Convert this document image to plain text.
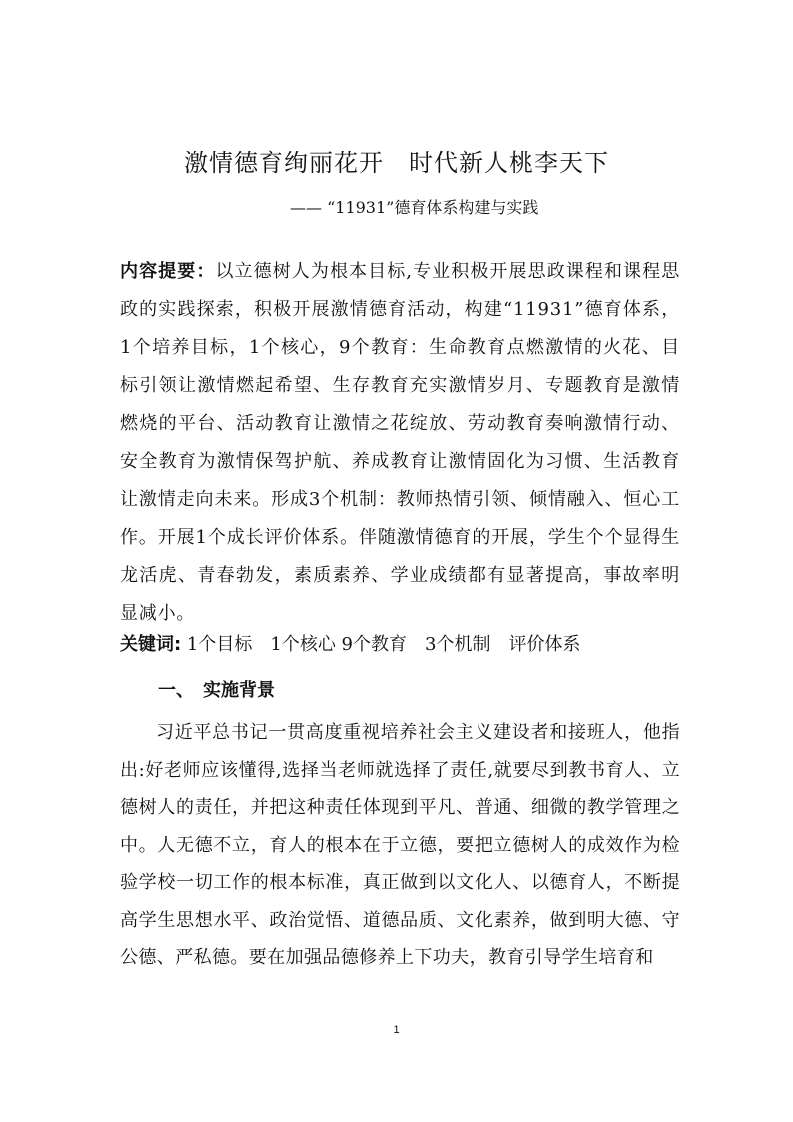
激情德育绚丽花开　时代新人桃李天下
—— “11931”德育体系构建与实践

内容提要：以立德树人为根本目标,专业积极开展思政课程和课程思政的实践探索，积极开展激情德育活动，构建“11931”德育体系，1个培养目标，1个核心，9个教育：生命教育点燃激情的火花、目标引领让激情燃起希望、生存教育充实激情岁月、专题教育是激情燃烧的平台、活动教育让激情之花绽放、劳动教育奏响激情行动、安全教育为激情保驾护航、养成教育让激情固化为习惯、生活教育让激情走向未来。形成3个机制：教师热情引领、倾情融入、恒心工作。开展1个成长评价体系。伴随激情德育的开展，学生个个显得生龙活虎、青春勃发，素质素养、学业成绩都有显著提高，事故率明显减小。

关键词: 1个目标　1个核心 9个教育　3个机制　评价体系
一、　实施背景

习近平总书记一贯高度重视培养社会主义建设者和接班人，他指出:好老师应该懂得,选择当老师就选择了责任,就要尽到教书育人、立德树人的责任，并把这种责任体现到平凡、普通、细微的教学管理之中。人无德不立，育人的根本在于立德，要把立德树人的成效作为检验学校一切工作的根本标准，真正做到以文化人、以德育人，不断提高学生思想水平、政治觉悟、道德品质、文化素养，做到明大德、守公德、严私德。要在加强品德修养上下功夫，教育引导学生培育和

1
